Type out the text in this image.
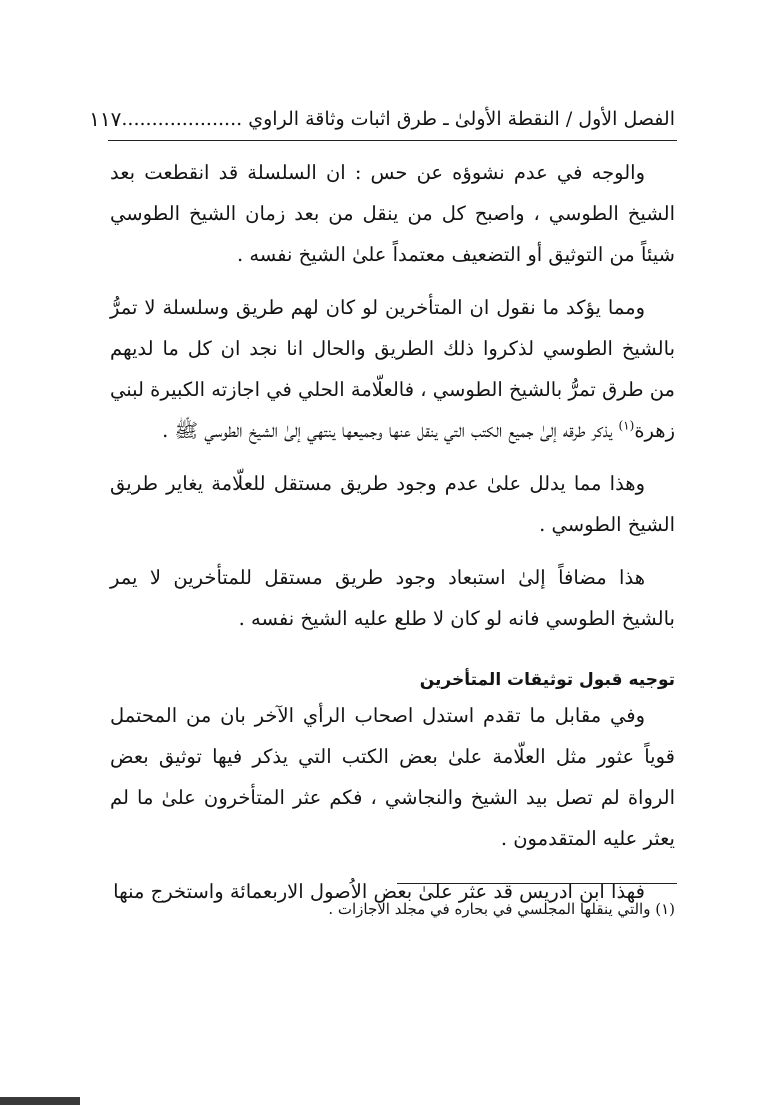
الفصل الأول / النقطة الأولىٰ ـ طرق اثبات وثاقة الراوي ....................
١١٧

والوجه في عدم نشوؤه عن حس : ان السلسلة قد انقطعت بعد الشيخ الطوسي ، واصبح كل من ينقل من بعد زمان الشيخ الطوسي شيئاً من التوثيق أو التضعيف معتمداً علىٰ الشيخ نفسه .

ومما يؤكد ما نقول ان المتأخرين لو كان لهم طريق وسلسلة لا تمرُّ بالشيخ الطوسي لذكروا ذلك الطريق والحال انا نجد ان كل ما لديهم من طرق تمرُّ بالشيخ الطوسي ، فالعلّامة الحلي في اجازته الكبيرة لبني زهرة$^{(١)}$ يذكر طرقه إلىٰ جميع الكتب التي ينقل عنها وجميعها ينتهي إلىٰ الشيخ الطوسي ﷺ .

وهذا مما يدلل علىٰ عدم وجود طريق مستقل للعلّامة يغاير طريق الشيخ الطوسي .

هذا مضافاً إلىٰ استبعاد وجود طريق مستقل للمتأخرين لا يمر بالشيخ الطوسي فانه لو كان لا طلع عليه الشيخ نفسه .

توجيه قبول توثيقات المتأخرين

وفي مقابل ما تقدم استدل اصحاب الرأي الآخر بان من المحتمل قوياً عثور مثل العلّامة علىٰ بعض الكتب التي يذكر فيها توثيق بعض الرواة لم تصل بيد الشيخ والنجاشي ، فكم عثر المتأخرون علىٰ ما لم يعثر عليه المتقدمون .

فهذا ابن ادريس قد عثر علىٰ بعض الاُصول الاربعمائة واستخرج منها

(١) والتي ينقلها المجلسي في بحاره في مجلد الاجازات .
